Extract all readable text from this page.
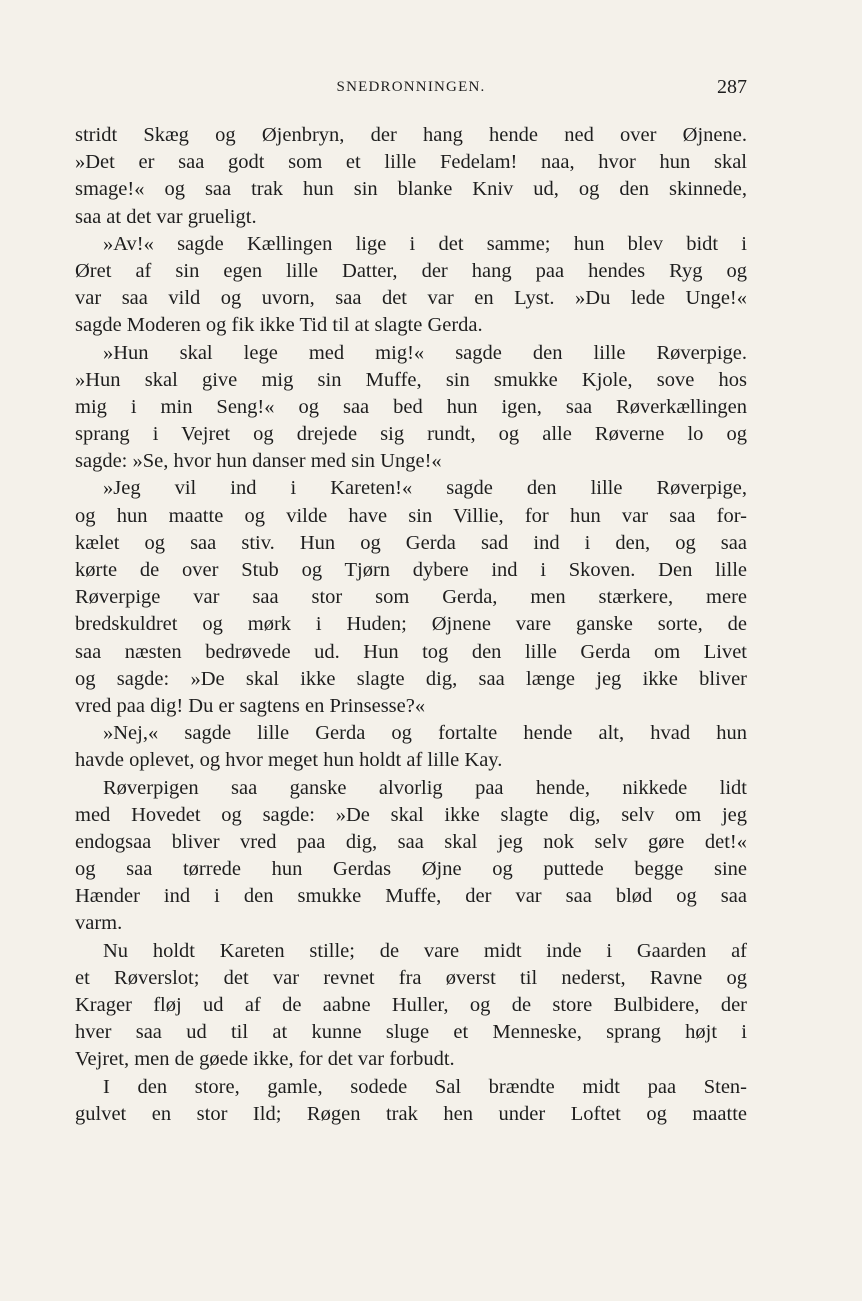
SNEDRONNINGEN.	287
stridt Skæg og Øjenbryn, der hang hende ned over Øjnene.
»Det er saa godt som et lille Fedelam! naa, hvor hun skal
smage!« og saa trak hun sin blanke Kniv ud, og den skinnede,
saa at det var grueligt.
»Av!« sagde Kællingen lige i det samme; hun blev bidt i
Øret af sin egen lille Datter, der hang paa hendes Ryg og
var saa vild og uvorn, saa det var en Lyst. »Du lede Unge!«
sagde Moderen og fik ikke Tid til at slagte Gerda.
»Hun skal lege med mig!« sagde den lille Røverpige.
»Hun skal give mig sin Muffe, sin smukke Kjole, sove hos
mig i min Seng!« og saa bed hun igen, saa Røverkællingen
sprang i Vejret og drejede sig rundt, og alle Røverne lo og
sagde: »Se, hvor hun danser med sin Unge!«
»Jeg vil ind i Kareten!« sagde den lille Røverpige,
og hun maatte og vilde have sin Villie, for hun var saa for-
kælet og saa stiv. Hun og Gerda sad ind i den, og saa
kørte de over Stub og Tjørn dybere ind i Skoven. Den lille
Røverpige var saa stor som Gerda, men stærkere, mere
bredskuldret og mørk i Huden; Øjnene vare ganske sorte, de
saa næsten bedrøvede ud. Hun tog den lille Gerda om Livet
og sagde: »De skal ikke slagte dig, saa længe jeg ikke bliver
vred paa dig! Du er sagtens en Prinsesse?«
»Nej,« sagde lille Gerda og fortalte hende alt, hvad hun
havde oplevet, og hvor meget hun holdt af lille Kay.
Røverpigen saa ganske alvorlig paa hende, nikkede lidt
med Hovedet og sagde: »De skal ikke slagte dig, selv om jeg
endogsaa bliver vred paa dig, saa skal jeg nok selv gøre det!«
og saa tørrede hun Gerdas Øjne og puttede begge sine
Hænder ind i den smukke Muffe, der var saa blød og saa
varm.
Nu holdt Kareten stille; de vare midt inde i Gaarden af
et Røverslot; det var revnet fra øverst til nederst, Ravne og
Krager fløj ud af de aabne Huller, og de store Bulbidere, der
hver saa ud til at kunne sluge et Menneske, sprang højt i
Vejret, men de gøede ikke, for det var forbudt.
I den store, gamle, sodede Sal brændte midt paa Sten-
gulvet en stor Ild; Røgen trak hen under Loftet og maatte
